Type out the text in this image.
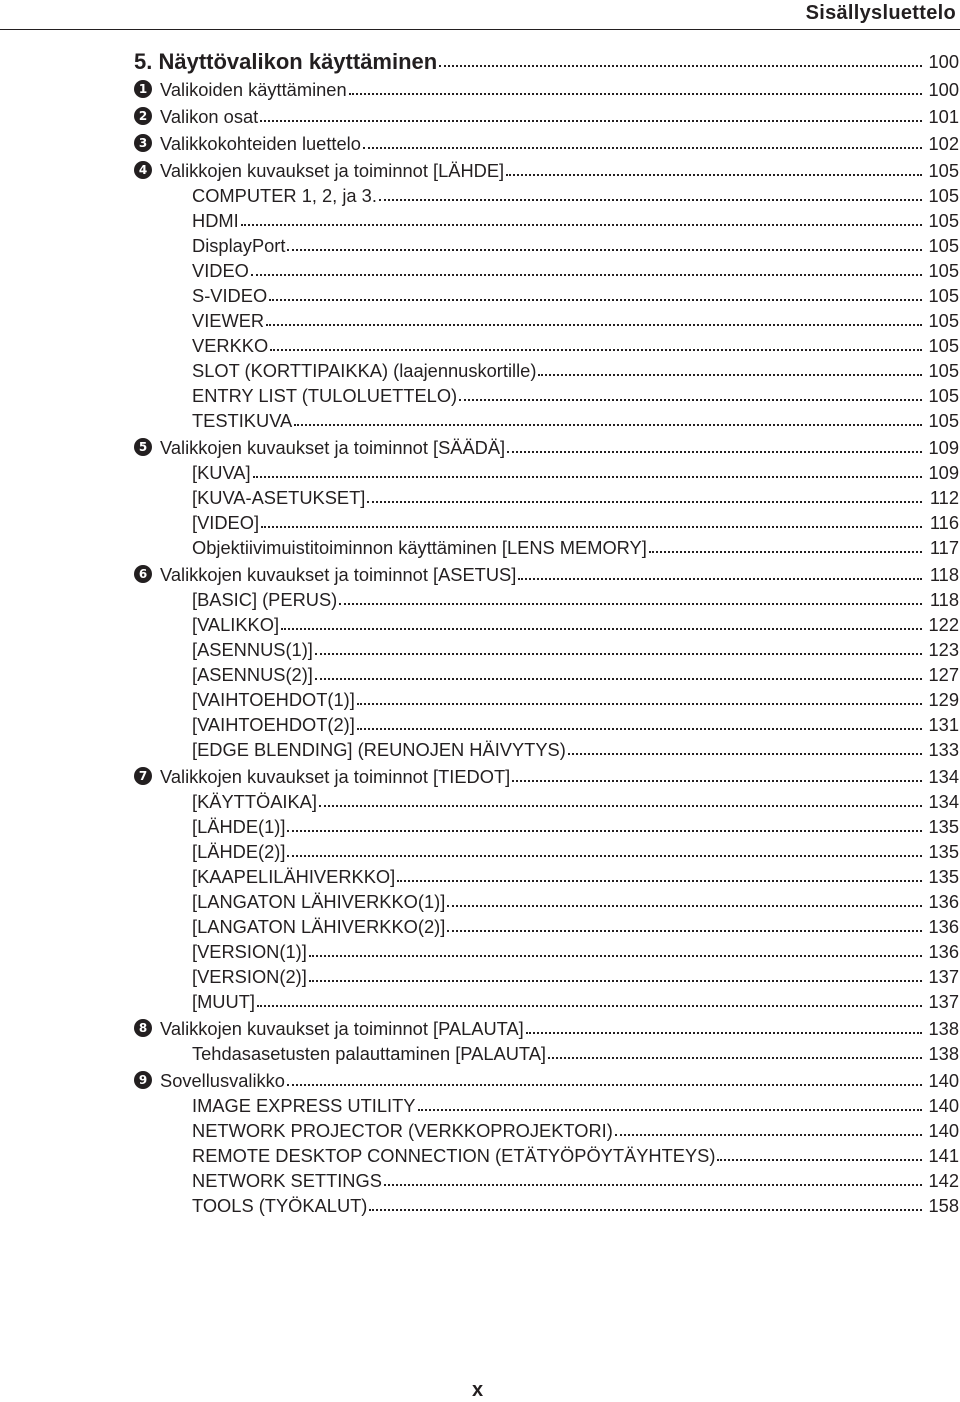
Sisällysluettelo
5. Näyttövalikon käyttäminen	100
1 Valikoiden käyttäminen	100
2 Valikon osat	101
3 Valikkokohteiden luettelo	102
4 Valikkojen kuvaukset ja toiminnot [LÄHDE]	105
COMPUTER 1, 2, ja 3.	105
HDMI	105
DisplayPort	105
VIDEO	105
S-VIDEO	105
VIEWER	105
VERKKO	105
SLOT (KORTTIPAIKKA) (laajennuskortille)	105
ENTRY LIST (TULOLUETTELO)	105
TESTIKUVA	105
5 Valikkojen kuvaukset ja toiminnot [SÄÄDÄ]	109
[KUVA]	109
[KUVA-ASETUKSET]	112
[VIDEO]	116
Objektiivimuistitoiminnon käyttäminen [LENS MEMORY]	117
6 Valikkojen kuvaukset ja toiminnot [ASETUS]	118
[BASIC] (PERUS)	118
[VALIKKO]	122
[ASENNUS(1)]	123
[ASENNUS(2)]	127
[VAIHTOEHDOT(1)]	129
[VAIHTOEHDOT(2)]	131
[EDGE BLENDING] (REUNOJEN HÄIVYTYS)	133
7 Valikkojen kuvaukset ja toiminnot [TIEDOT]	134
[KÄYTTÖAIKA]	134
[LÄHDE(1)]	135
[LÄHDE(2)]	135
[KAAPELILÄHIVERKKO]	135
[LANGATON LÄHIVERKKO(1)]	136
[LANGATON LÄHIVERKKO(2)]	136
[VERSION(1)]	136
[VERSION(2)]	137
[MUUT]	137
8 Valikkojen kuvaukset ja toiminnot [PALAUTA]	138
Tehdasasetusten palauttaminen [PALAUTA]	138
9 Sovellusvalikko	140
IMAGE EXPRESS UTILITY	140
NETWORK PROJECTOR (VERKKOPROJEKTORI)	140
REMOTE DESKTOP CONNECTION (ETÄTYÖPÖYTÄYHTEYS)	141
NETWORK SETTINGS	142
TOOLS (TYÖKALUT)	158
x
